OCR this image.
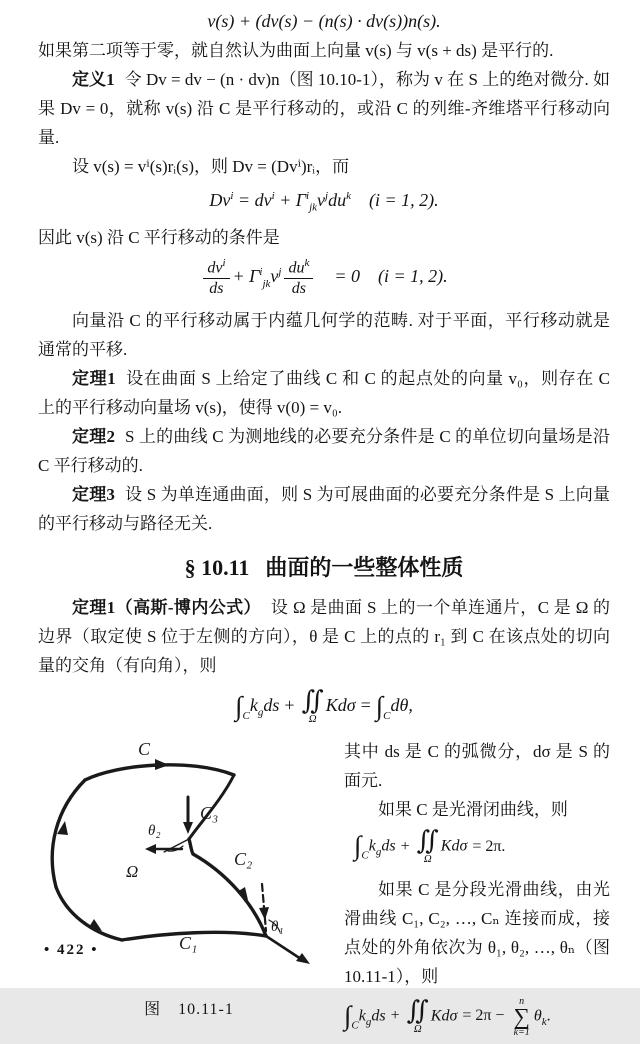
v(s) + (dv(s) − (n(s) · dv(s))n(s).

如果第二项等于零，就自然认为曲面上向量 v(s) 与 v(s + ds) 是平行的.

定义1 令 Dv = dv − (n · dv)n（图 10.10-1），称为 v 在 S 上的绝对微分. 如果 Dv = 0，就称 v(s) 沿 C 是平行移动的，或沿 C 的列维-齐维塔平行移动向量.

设 v(s) = vⁱ(s)rᵢ(s)，则 Dv = (Dvⁱ)rᵢ，而

$Dv^i = dv^i + \Gamma^i_{jk}v^jdu^k$ (i = 1, 2).

因此 v(s) 沿 C 平行移动的条件是

$\frac{dv^i}{ds} + \Gamma^i_{jk}v^j \frac{du^k}{ds} = 0$　(i = 1, 2).

向量沿 C 的平行移动属于内蕴几何学的范畴. 对于平面，平行移动就是通常的平移.

定理1 设在曲面 S 上给定了曲线 C 和 C 的起点处的向量 v₀，则存在 C 上的平行移动向量场 v(s)，使得 v(0) = v₀.

定理2 S 上的曲线 C 为测地线的必要充分条件是 C 的单位切向量场是沿 C 平行移动的.

定理3 设 S 为单连通曲面，则 S 为可展曲面的必要充分条件是 S 上向量的平行移动与路径无关.

§ 10.11 曲面的一些整体性质

定理1（高斯-博内公式） 设 Ω 是曲面 S 上的一个单连通片，C 是 Ω 的边界（取定使 S 位于左侧的方向），θ 是 C 上的点的 r₁ 到 C 在该点处的切向量的交角（有向角），则

$\int_Ck_gds$ + ∬
Ω
$Kd\sigma = \int_Cd\theta$,
C
C₃
C₂
C₁
Ω
θ₂
θ₁
图　10.11-1

其中 ds 是 C 的弧微分，dσ 是 S 的面元.

如果 C 是光滑闭曲线，则

$\int_Ck_gds$ + ∬
Ω
Kdσ = 2π.

如果 C 是分段光滑曲线，由光滑曲线 C₁, C₂, …, Cₙ 连接而成，接点处的外角依次为 θ₁, θ₂, …, θₙ（图 10.11-1），则

$\int_Ck_gds$ + ∬
Ω
Kdσ = 2π −
n
∑
k=1
$\theta_k$.
• 422 •
